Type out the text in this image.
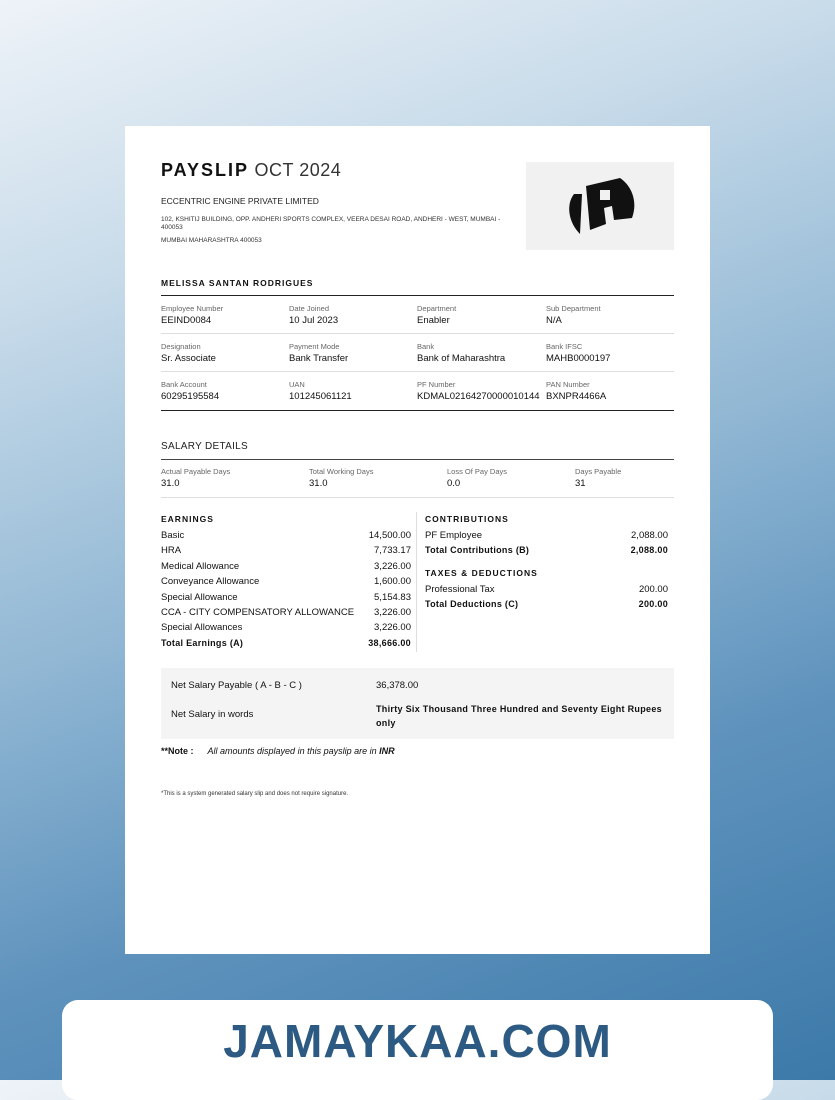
PAYSLIP OCT 2024
ECCENTRIC ENGINE PRIVATE LIMITED
102, KSHITIJ BUILDING, OPP. ANDHERI SPORTS COMPLEX, VEERA DESAI ROAD, ANDHERI - WEST, MUMBAI - 400053
MUMBAI MAHARASHTRA 400053
MELISSA SANTAN RODRIGUES
Employee Number
EEIND0084
Date Joined
10 Jul 2023
Department
Enabler
Sub Department
N/A
Designation
Sr. Associate
Payment Mode
Bank Transfer
Bank
Bank of Maharashtra
Bank IFSC
MAHB0000197
Bank Account
60295195584
UAN
101245061121
PF Number
KDMAL02164270000010144
PAN Number
BXNPR4466A
SALARY DETAILS
Actual Payable Days
31.0
Total Working Days
31.0
Loss Of Pay Days
0.0
Days Payable
31
EARNINGS
Basic	14,500.00
HRA	7,733.17
Medical Allowance	3,226.00
Conveyance Allowance	1,600.00
Special Allowance	5,154.83
CCA - CITY COMPENSATORY ALLOWANCE 3,226.00
Special Allowances	3,226.00
Total Earnings (A)	38,666.00
CONTRIBUTIONS
PF Employee	2,088.00
Total Contributions (B)	2,088.00
TAXES & DEDUCTIONS
Professional Tax	200.00
Total Deductions (C)	200.00
Net Salary Payable ( A - B - C )	36,378.00
Net Salary in words	Thirty Six Thousand Three Hundred and Seventy Eight Rupees only
**Note : All amounts displayed in this payslip are in INR
*This is a system generated salary slip and does not require signature.
JAMAYKAA.COM
